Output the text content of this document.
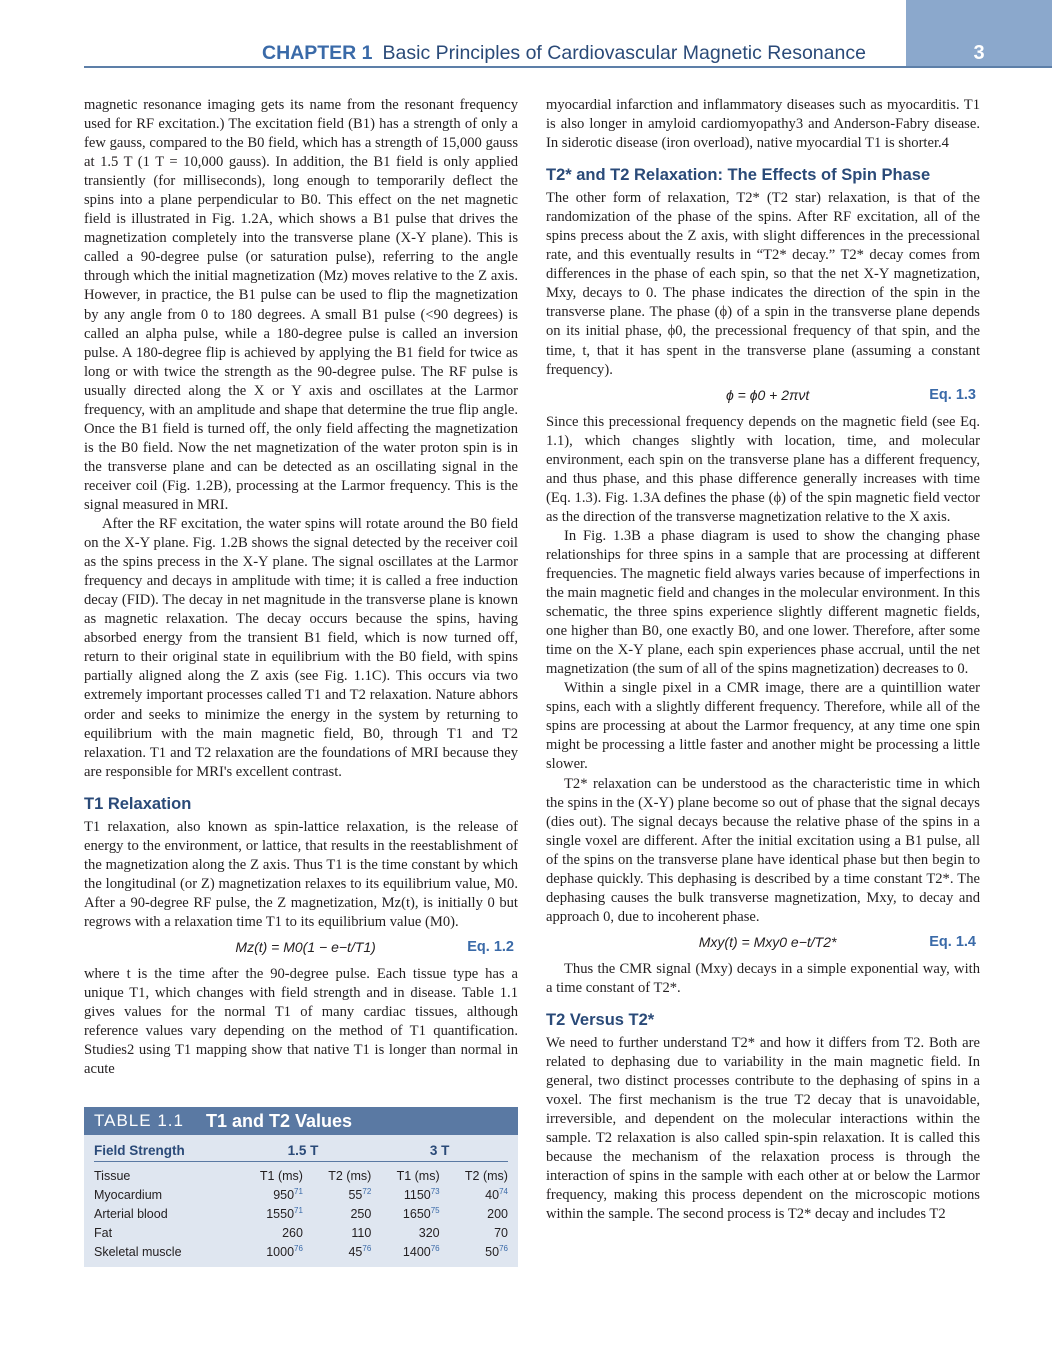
CHAPTER 1 Basic Principles of Cardiovascular Magnetic Resonance	3

magnetic resonance imaging gets its name from the resonant frequency used for RF excitation.) The excitation field (B1) has a strength of only a few gauss, compared to the B0 field, which has a strength of 15,000 gauss at 1.5 T (1 T = 10,000 gauss). In addition, the B1 field is only applied transiently (for milliseconds), long enough to temporarily deflect the spins into a plane perpendicular to B0. This effect on the net magnetic field is illustrated in Fig. 1.2A, which shows a B1 pulse that drives the magnetization completely into the transverse plane (X-Y plane). This is called a 90-degree pulse (or saturation pulse), referring to the angle through which the initial magnetization (Mz) moves relative to the Z axis. However, in practice, the B1 pulse can be used to flip the magnetization by any angle from 0 to 180 degrees. A small B1 pulse (<90 degrees) is called an alpha pulse, while a 180-degree pulse is called an inversion pulse. A 180-degree flip is achieved by applying the B1 field for twice as long or with twice the strength as the 90-degree pulse. The RF pulse is usually directed along the X or Y axis and oscillates at the Larmor frequency, with an amplitude and shape that determine the true flip angle. Once the B1 field is turned off, the only field affecting the magnetization is the B0 field. Now the net magnetization of the water proton spin is in the transverse plane and can be detected as an oscillating signal in the receiver coil (Fig. 1.2B), processing at the Larmor frequency. This is the signal measured in MRI.

After the RF excitation, the water spins will rotate around the B0 field on the X-Y plane. Fig. 1.2B shows the signal detected by the receiver coil as the spins precess in the X-Y plane. The signal oscillates at the Larmor frequency and decays in amplitude with time; it is called a free induction decay (FID). The decay in net magnitude in the transverse plane is known as magnetic relaxation. The decay occurs because the spins, having absorbed energy from the transient B1 field, which is now turned off, return to their original state in equilibrium with the B0 field, with spins partially aligned along the Z axis (see Fig. 1.1C). This occurs via two extremely important processes called T1 and T2 relaxation. Nature abhors order and seeks to minimize the energy in the system by returning to equilibrium with the main magnetic field, B0, through T1 and T2 relaxation. T1 and T2 relaxation are the foundations of MRI because they are responsible for MRI's excellent contrast.

T1 Relaxation

T1 relaxation, also known as spin-lattice relaxation, is the release of energy to the environment, or lattice, that results in the reestablishment of the magnetization along the Z axis. Thus T1 is the time constant by which the longitudinal (or Z) magnetization relaxes to its equilibrium value, M0. After a 90-degree RF pulse, the Z magnetization, Mz(t), is initially 0 but regrows with a relaxation time T1 to its equilibrium value (M0).

Mz(t) = M0(1 − e−t/T1)	Eq. 1.2

where t is the time after the 90-degree pulse. Each tissue type has a unique T1, which changes with field strength and in disease. Table 1.1 gives values for the normal T1 of many cardiac tissues, although reference values vary depending on the method of T1 quantification. Studies2 using T1 mapping show that native T1 is longer than normal in acute

myocardial infarction and inflammatory diseases such as myocarditis. T1 is also longer in amyloid cardiomyopathy3 and Anderson-Fabry disease. In siderotic disease (iron overload), native myocardial T1 is shorter.4

T2* and T2 Relaxation: The Effects of Spin Phase

The other form of relaxation, T2* (T2 star) relaxation, is that of the randomization of the phase of the spins. After RF excitation, all of the spins precess about the Z axis, with slight differences in the precessional rate, and this eventually results in “T2* decay.” T2* decay comes from differences in the phase of each spin, so that the net X-Y magnetization, Mxy, decays to 0. The phase indicates the direction of the spin in the transverse plane. The phase (ϕ) of a spin in the transverse plane depends on its initial phase, ϕ0, the precessional frequency of that spin, and the time, t, that it has spent in the transverse plane (assuming a constant frequency).

ϕ = ϕ0 + 2πνt	Eq. 1.3

Since this precessional frequency depends on the magnetic field (see Eq. 1.1), which changes slightly with location, time, and molecular environment, each spin on the transverse plane has a different frequency, and thus phase, and this phase difference generally increases with time (Eq. 1.3). Fig. 1.3A defines the phase (ϕ) of the spin magnetic field vector as the direction of the transverse magnetization relative to the X axis.

In Fig. 1.3B a phase diagram is used to show the changing phase relationships for three spins in a sample that are processing at different frequencies. The magnetic field always varies because of imperfections in the main magnetic field and changes in the molecular environment. In this schematic, the three spins experience slightly different magnetic fields, one higher than B0, one exactly B0, and one lower. Therefore, after some time on the X-Y plane, each spin experiences phase accrual, until the net magnetization (the sum of all of the spins magnetization) decreases to 0.

Within a single pixel in a CMR image, there are a quintillion water spins, each with a slightly different frequency. Therefore, while all of the spins are processing at about the Larmor frequency, at any time one spin might be processing a little faster and another might be processing a little slower.

T2* relaxation can be understood as the characteristic time in which the spins in the (X-Y) plane become so out of phase that the signal decays (dies out). The signal decays because the relative phase of the spins in a single voxel are different. After the initial excitation using a B1 pulse, all of the spins on the transverse plane have identical phase but then begin to dephase quickly. This dephasing is described by a time constant T2*. The dephasing causes the bulk transverse magnetization, Mxy, to decay and approach 0, due to incoherent phase.

Mxy(t) = Mxy0 e−t/T2*	Eq. 1.4

Thus the CMR signal (Mxy) decays in a simple exponential way, with a time constant of T2*.

T2 Versus T2*

We need to further understand T2* and how it differs from T2. Both are related to dephasing due to variability in the main magnetic field. In general, two distinct processes contribute to the dephasing of spins in a voxel. The first mechanism is the true T2 decay that is unavoidable, irreversible, and dependent on the molecular interactions within the sample. T2 relaxation is also called spin-spin relaxation. It is called this because the mechanism of the relaxation process is through the interaction of spins in the sample with each other at or below the Larmor frequency, making this process dependent on the microscopic motions within the sample. The second process is T2* decay and includes T2

TABLE 1.1	T1 and T2 Values
Field Strength	1.5 T	3 T
Tissue	T1 (ms)	T2 (ms)	T1 (ms)	T2 (ms)
Myocardium	$950^{71}$	$55^{72}$	1150$^{73}$	$40^{74}$
Arterial blood	1550$^{71}$	250	1650$^{75}$	200
Fat	260	110	320	70
Skeletal muscle	1000$^{76}$	$45^{76}$	1400$^{76}$	$50^{76}$
